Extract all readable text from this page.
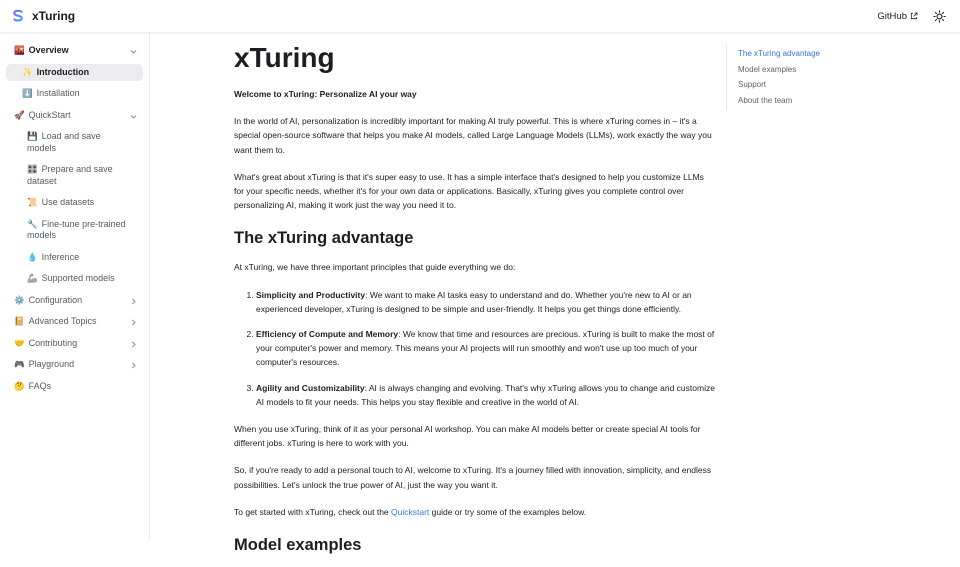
xTuring	GitHub
🌇 Overview
✨ Introduction
⬇️ Installation
🚀 QuickStart
💾 Load and save models
🎛️ Prepare and save dataset
📜 Use datasets
🔧 Fine-tune pre-trained models
💧 Inference
🦾 Supported models
⚙️ Configuration
📔 Advanced Topics
🤝 Contributing
🎮 Playground
🤔 FAQs
xTuring

Welcome to xTuring: Personalize AI your way

In the world of AI, personalization is incredibly important for making AI truly powerful. This is where xTuring comes in – it's a special open-source software that helps you make AI models, called Large Language Models (LLMs), work exactly the way you want them to.

What's great about xTuring is that it's super easy to use. It has a simple interface that's designed to help you customize LLMs for your specific needs, whether it's for your own data or applications. Basically, xTuring gives you complete control over personalizing AI, making it work just the way you need it to.

The xTuring advantage

At xTuring, we have three important principles that guide everything we do:

1. Simplicity and Productivity: We want to make AI tasks easy to understand and do. Whether you're new to AI or an experienced developer, xTuring is designed to be simple and user-friendly. It helps you get things done efficiently.
2. Efficiency of Compute and Memory: We know that time and resources are precious. xTuring is built to make the most of your computer's power and memory. This means your AI projects will run smoothly and won't use up too much of your computer's resources.
3. Agility and Customizability: AI is always changing and evolving. That's why xTuring allows you to change and customize AI models to fit your needs. This helps you stay flexible and creative in the world of AI.

When you use xTuring, think of it as your personal AI workshop. You can make AI models better or create special AI tools for different jobs. xTuring is here to work with you.

So, if you're ready to add a personal touch to AI, welcome to xTuring. It's a journey filled with innovation, simplicity, and endless possibilities. Let's unlock the true power of AI, just the way you want it.

To get started with xTuring, check out the Quickstart guide or try some of the examples below.

Model examples
The xTuring advantage
Model examples
Support
About the team
